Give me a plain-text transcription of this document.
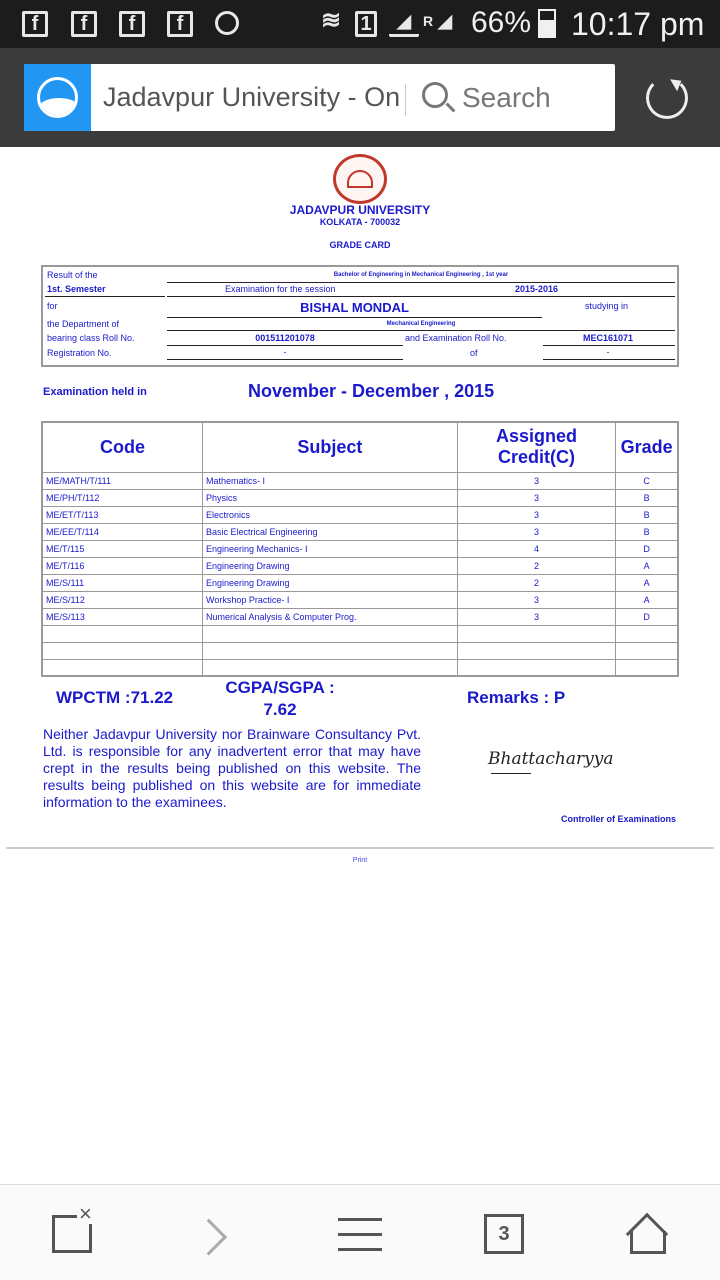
f	f	f	f	≋ 1	◢ R ◢ 66% 10:17 pm
Jadavpur University - On Search
JADAVPUR UNIVERSITY
KOLKATA - 700032
GRADE CARD
Result of the	Bachelor of Engineering in Mechanical Engineering , 1st year
1st. Semester	Examination for the session	2015-2016
for	BISHAL MONDAL	studying in
the Department of	Mechanical Engineering
bearing class Roll No.	001511201078	and Examination Roll No.	MEC161071
Registration No.	-	of	-
Examination held in	November - December , 2015
Code	Subject	Assigned Credit(C)	Grade
ME/MATH/T/111	Mathematics- I	3	C
ME/PH/T/112	Physics	3	B
ME/ET/T/113	Electronics	3	B
ME/EE/T/114	Basic Electrical Engineering	3	B
ME/T/115	Engineering Mechanics- I	4	D
ME/T/116	Engineering Drawing	2	A
ME/S/111	Engineering Drawing	2	A
ME/S/112	Workshop Practice- I	3	A
ME/S/113	Numerical Analysis & Computer Prog.	3	D

WPCTM :71.22
CGPA/SGPA :
7.62
Remarks : P
Neither Jadavpur University nor Brainware Consultancy Pvt. Ltd. is responsible for any inadvertent error that may have crept in the results being published on this website. The results being published on this website are for immediate information to the examinees.
Bhattacharyya
Controller of Examinations
Print
×
3
